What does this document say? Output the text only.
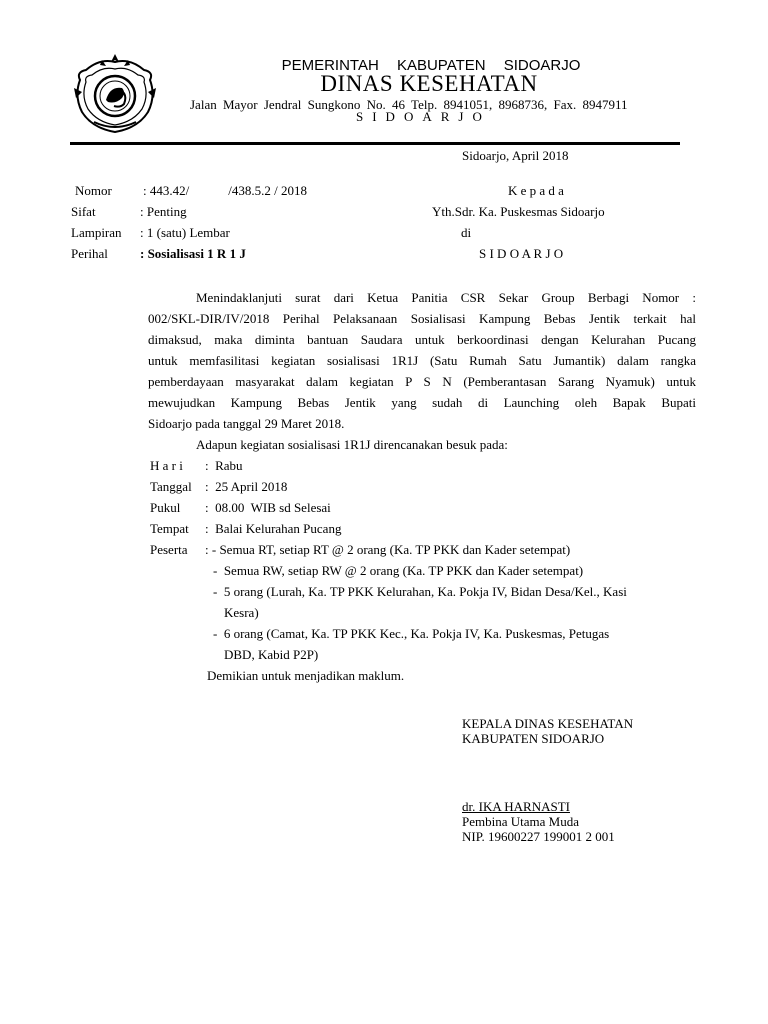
PEMERINTAH KABUPATEN SIDOARJO
DINAS KESEHATAN
Jalan Mayor Jendral Sungkono No. 46 Telp. 8941051, 8968736, Fax. 8947911
SIDOARJO
Sidoarjo, April 2018
Nomor : 443.42/            /438.5.2 / 2018
Sifat	: Penting
Lampiran : 1 (satu) Lembar
Perihal : Sosialisasi 1 R 1 J
K e p a d a
Yth.Sdr. Ka. Puskesmas Sidoarjo
di
S I D O A R J O
Menindaklanjuti surat dari Ketua Panitia CSR Sekar Group Berbagi Nomor :
002/SKL-DIR/IV/2018 Perihal Pelaksanaan Sosialisasi Kampung Bebas Jentik terkait hal
dimaksud, maka diminta bantuan Saudara untuk berkoordinasi dengan Kelurahan Pucang
untuk memfasilitasi kegiatan sosialisasi 1R1J (Satu Rumah Satu Jumantik) dalam rangka
pemberdayaan masyarakat dalam kegiatan P S N (Pemberantasan Sarang Nyamuk) untuk
mewujudkan Kampung Bebas Jentik yang sudah di Launching oleh Bapak Bupati
Sidoarjo pada tanggal 29 Maret 2018.
Adapun kegiatan sosialisasi 1R1J direncanakan besuk pada:
H a r i :  Rabu
Tanggal :  25 April 2018
Pukul :  08.00  WIB sd Selesai
Tempat :  Balai Kelurahan Pucang
Peserta : - Semua RT, setiap RT @ 2 orang (Ka. TP PKK dan Kader setempat)
-  Semua RW, setiap RW @ 2 orang (Ka. TP PKK dan Kader setempat)
-  5 orang (Lurah, Ka. TP PKK Kelurahan, Ka. Pokja IV, Bidan Desa/Kel., Kasi
Kesra)
-  6 orang (Camat, Ka. TP PKK Kec., Ka. Pokja IV, Ka. Puskesmas, Petugas
DBD, Kabid P2P)
Demikian untuk menjadikan maklum.
KEPALA DINAS KESEHATAN
KABUPATEN SIDOARJO
dr. IKA HARNASTI
Pembina Utama Muda
NIP. 19600227 199001 2 001
